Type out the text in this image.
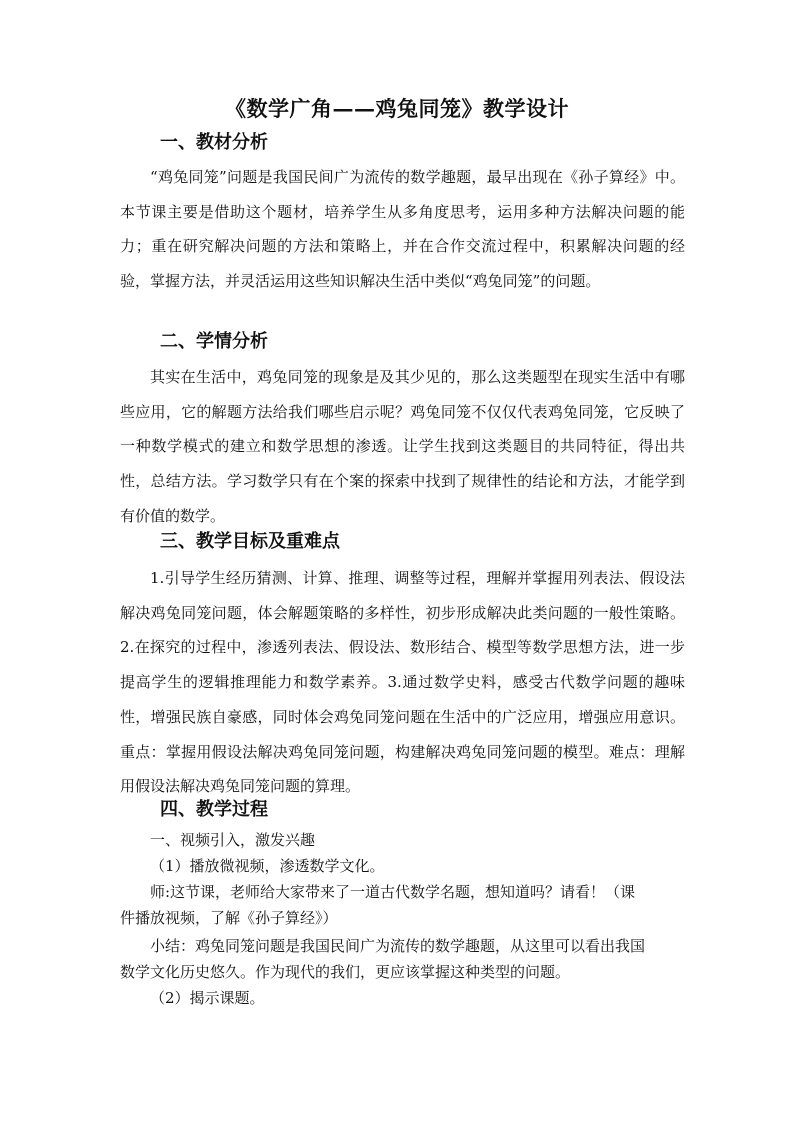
《数学广角——鸡兔同笼》教学设计
一、教材分析
“鸡兔同笼”问题是我国民间广为流传的数学趣题，最早出现在《孙子算经》中。本节课主要是借助这个题材，培养学生从多角度思考，运用多种方法解决问题的能力；重在研究解决问题的方法和策略上，并在合作交流过程中，积累解决问题的经验，掌握方法，并灵活运用这些知识解决生活中类似“鸡兔同笼”的问题。
二、学情分析
其实在生活中，鸡兔同笼的现象是及其少见的，那么这类题型在现实生活中有哪些应用，它的解题方法给我们哪些启示呢？鸡兔同笼不仅仅代表鸡兔同笼，它反映了一种数学模式的建立和数学思想的渗透。让学生找到这类题目的共同特征，得出共性，总结方法。学习数学只有在个案的探索中找到了规律性的结论和方法，才能学到有价值的数学。
三、教学目标及重难点
1.引导学生经历猜测、计算、推理、调整等过程，理解并掌握用列表法、假设法解决鸡兔同笼问题，体会解题策略的多样性，初步形成解决此类问题的一般性策略。2.在探究的过程中，渗透列表法、假设法、数形结合、模型等数学思想方法，进一步提高学生的逻辑推理能力和数学素养。3.通过数学史料，感受古代数学问题的趣味性，增强民族自豪感，同时体会鸡兔同笼问题在生活中的广泛应用，增强应用意识。重点：掌握用假设法解决鸡兔同笼问题，构建解决鸡兔同笼问题的模型。难点：理解用假设法解决鸡兔同笼问题的算理。
四、教学过程
一、视频引入，激发兴趣
（1）播放微视频，渗透数学文化。
师:这节课，老师给大家带来了一道古代数学名题，想知道吗？请看！（课
件播放视频，了解《孙子算经》）
小结：鸡兔同笼问题是我国民间广为流传的数学趣题，从这里可以看出我国
数学文化历史悠久。作为现代的我们，更应该掌握这种类型的问题。
（2）揭示课题。
